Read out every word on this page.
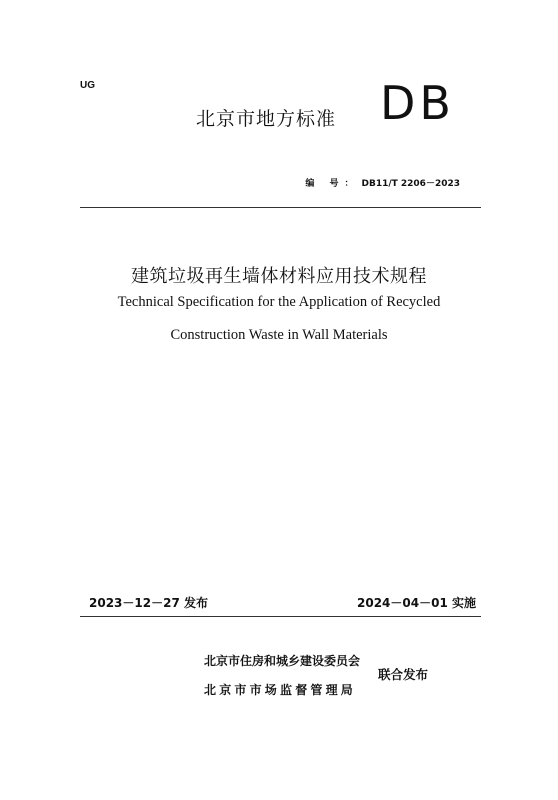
UG
北京市地方标准 DB
编 号： DB11/T 2206－2023
建筑垃圾再生墙体材料应用技术规程
Technical Specification for the Application of Recycled
Construction Waste in Wall Materials
2023－12－27 发布	2024－04－01 实施
北京市住房和城乡建设委员会
北京市市场监督管理局
联合发布
